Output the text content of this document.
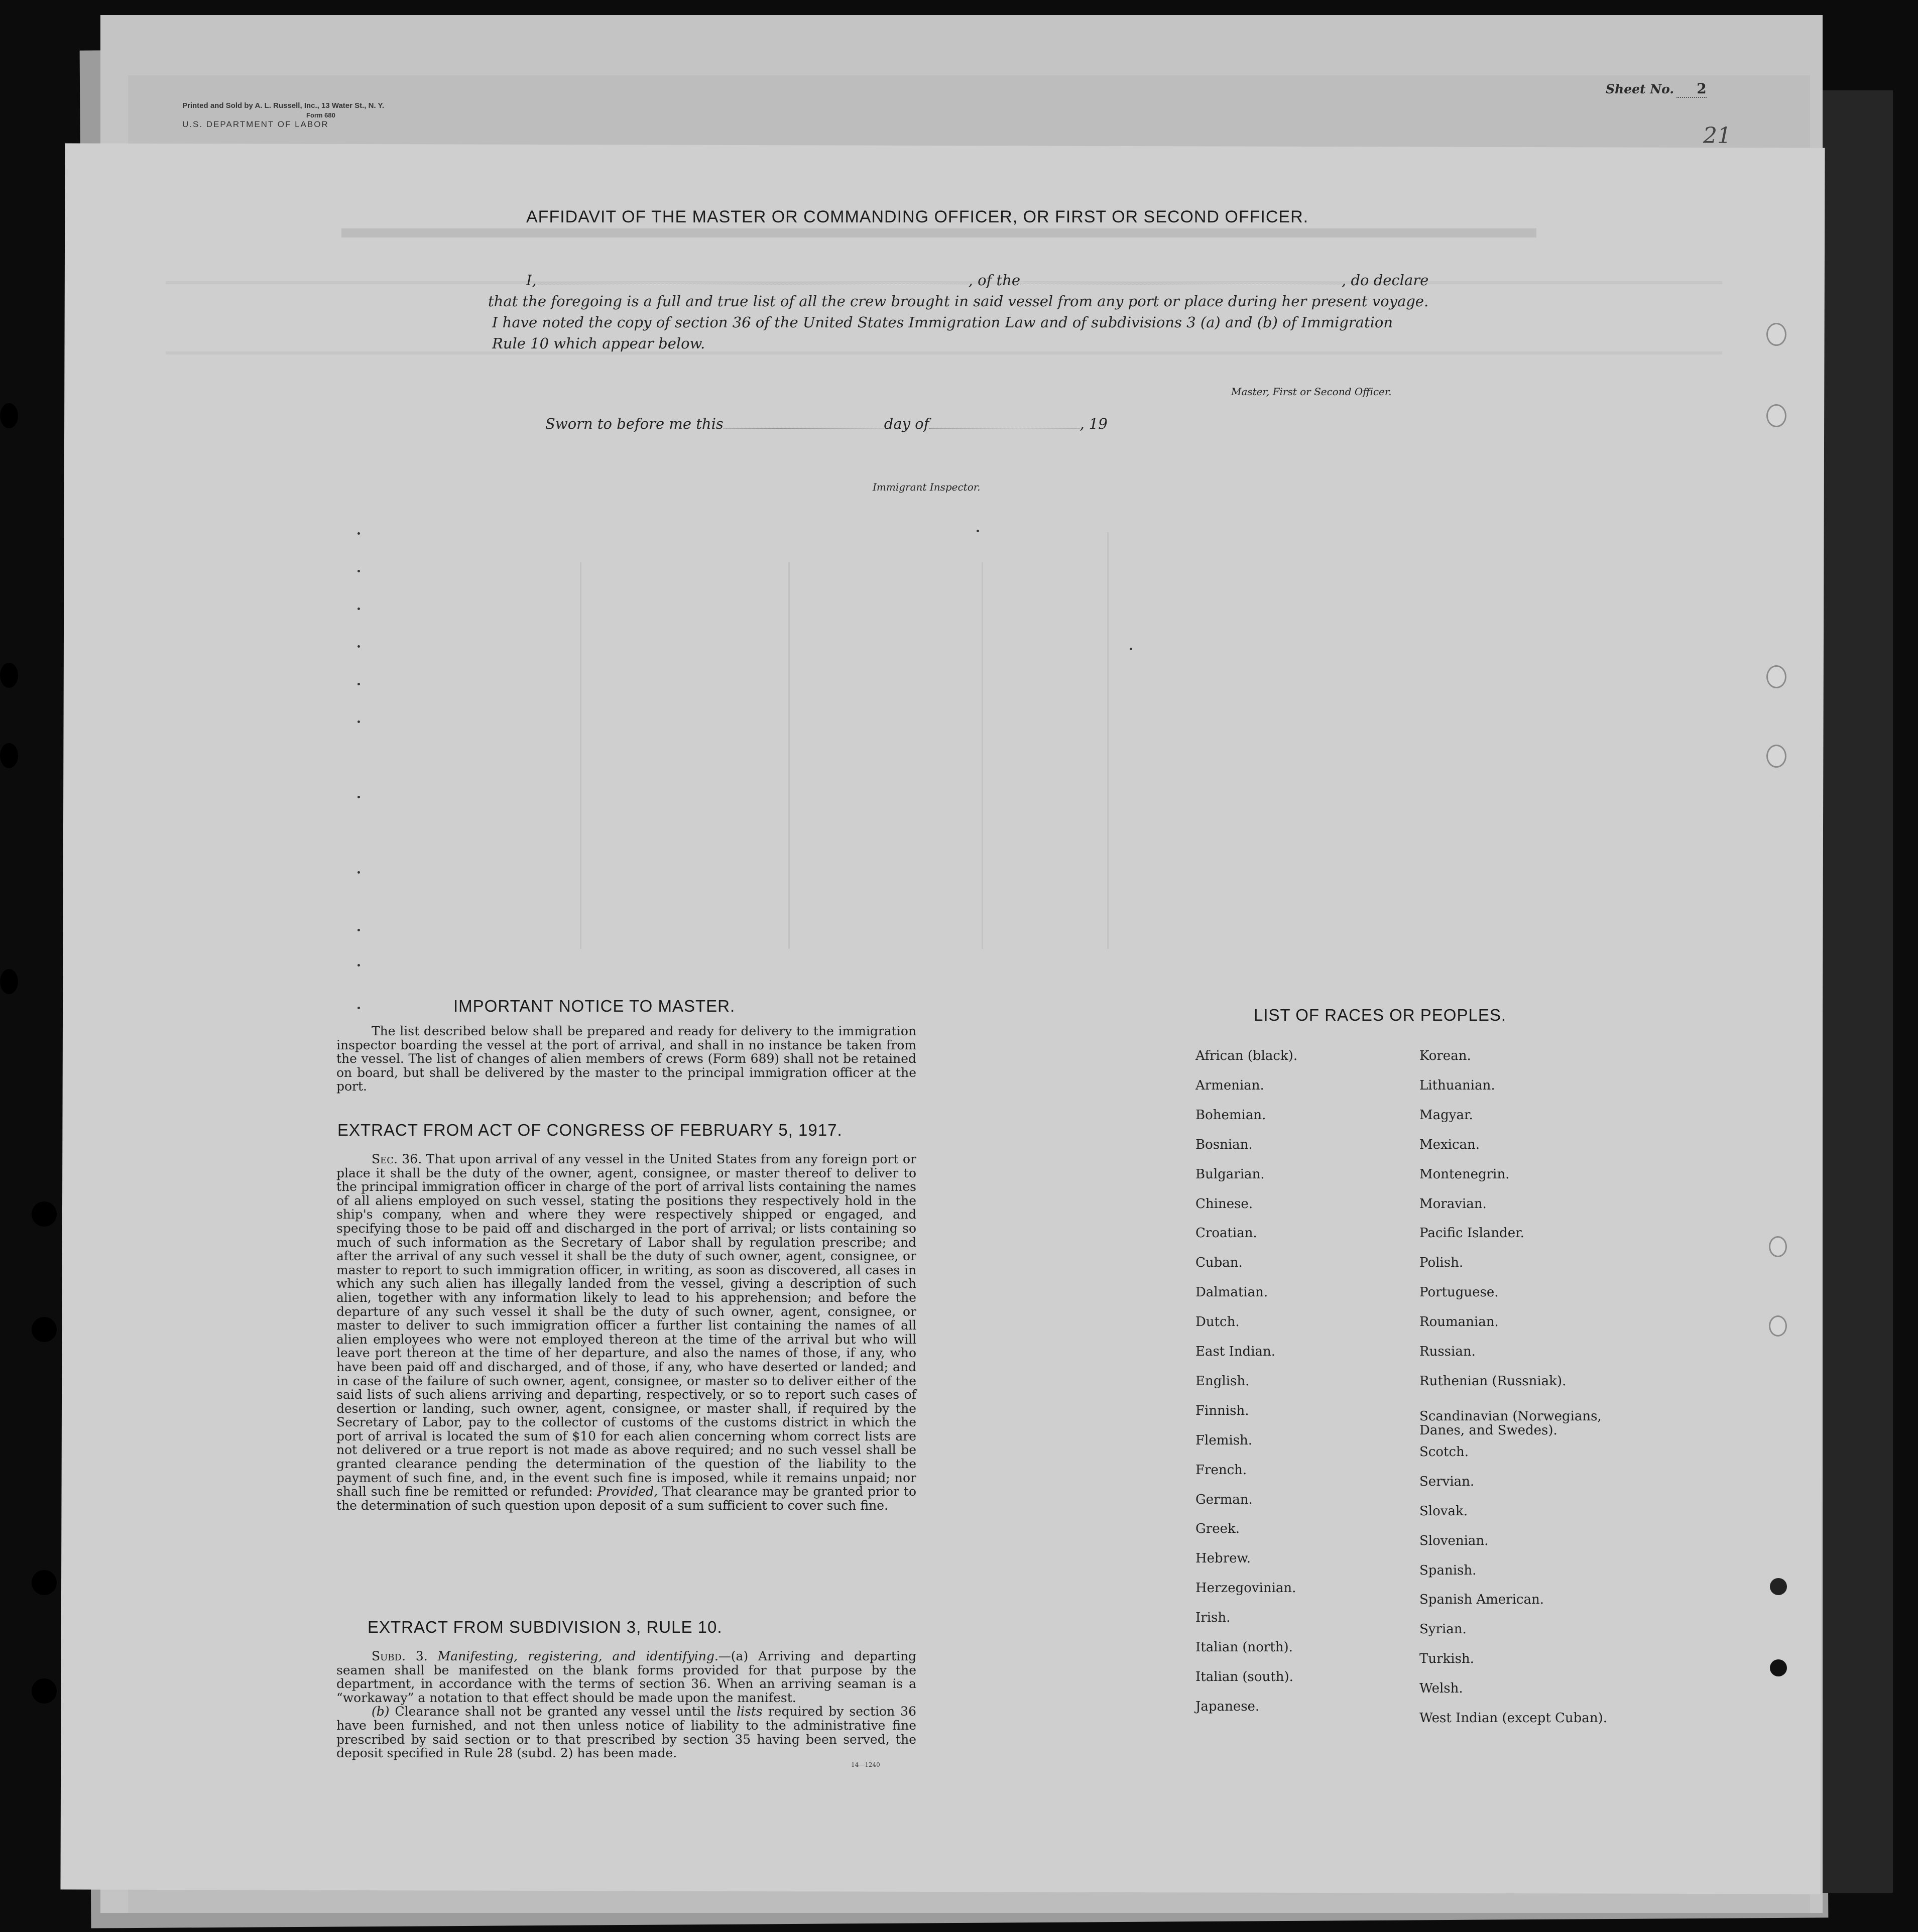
Printed and Sold by A. L. Russell, Inc., 13 Water St., N. Y.
Form 680
U.S. DEPARTMENT OF LABOR
Sheet No. 2
21
AFFIDAVIT OF THE MASTER OR COMMANDING OFFICER, OR FIRST OR SECOND OFFICER.
I,	, of the	, do declare
that the foregoing is a full and true list of all the crew brought in said vessel from any port or place during her present voyage.
I have noted the copy of section 36 of the United States Immigration Law and of subdivisions 3 (a) and (b) of Immigration
Rule 10 which appear below.
Master, First or Second Officer.
Sworn to before me this	day of	, 19
Immigrant Inspector.
IMPORTANT NOTICE TO MASTER.

The list described below shall be prepared and ready for delivery to the immigration inspector boarding the vessel at the port of arrival, and shall in no instance be taken from the vessel. The list of changes of alien members of crews (Form 689) shall not be retained on board, but shall be delivered by the master to the principal immigration officer at the port.

EXTRACT FROM ACT OF CONGRESS OF FEBRUARY 5, 1917.

Sec. 36. That upon arrival of any vessel in the United States from any foreign port or place it shall be the duty of the owner, agent, consignee, or master thereof to deliver to the principal immigration officer in charge of the port of arrival lists containing the names of all aliens employed on such vessel, stating the positions they respectively hold in the ship's company, when and where they were respectively shipped or engaged, and specifying those to be paid off and discharged in the port of arrival; or lists containing so much of such information as the Secretary of Labor shall by regulation prescribe; and after the arrival of any such vessel it shall be the duty of such owner, agent, consignee, or master to report to such immigration officer, in writing, as soon as discovered, all cases in which any such alien has illegally landed from the vessel, giving a description of such alien, together with any information likely to lead to his apprehension; and before the departure of any such vessel it shall be the duty of such owner, agent, consignee, or master to deliver to such immigration officer a further list containing the names of all alien employees who were not employed thereon at the time of the arrival but who will leave port thereon at the time of her departure, and also the names of those, if any, who have been paid off and discharged, and of those, if any, who have deserted or landed; and in case of the failure of such owner, agent, consignee, or master so to deliver either of the said lists of such aliens arriving and departing, respectively, or so to report such cases of desertion or landing, such owner, agent, consignee, or master shall, if required by the Secretary of Labor, pay to the collector of customs of the customs district in which the port of arrival is located the sum of $10 for each alien concerning whom correct lists are not delivered or a true report is not made as above required; and no such vessel shall be granted clearance pending the determination of the question of the liability to the payment of such fine, and, in the event such fine is imposed, while it remains unpaid; nor shall such fine be remitted or refunded: Provided, That clearance may be granted prior to the determination of such question upon deposit of a sum sufficient to cover such fine.

EXTRACT FROM SUBDIVISION 3, RULE 10.

Subd. 3. Manifesting, registering, and identifying.—(a) Arriving and departing seamen shall be manifested on the blank forms provided for that purpose by the department, in accordance with the terms of section 36. When an arriving seaman is a “workaway” a notation to that effect should be made upon the manifest.

(b) Clearance shall not be granted any vessel until the lists required by section 36 have been furnished, and not then unless notice of liability to the administrative fine prescribed by said section or to that prescribed by section 35 having been served, the deposit specified in Rule 28 (subd. 2) has been made.

14—1240
LIST OF RACES OR PEOPLES.
African (black).
Armenian.
Bohemian.
Bosnian.
Bulgarian.
Chinese.
Croatian.
Cuban.
Dalmatian.
Dutch.
East Indian.
English.
Finnish.
Flemish.
French.
German.
Greek.
Hebrew.
Herzegovinian.
Irish.
Italian (north).
Italian (south).
Japanese.
Korean.
Lithuanian.
Magyar.
Mexican.
Montenegrin.
Moravian.
Pacific Islander.
Polish.
Portuguese.
Roumanian.
Russian.
Ruthenian (Russniak).
Scandinavian (Norwegians,
Danes, and Swedes).
Scotch.
Servian.
Slovak.
Slovenian.
Spanish.
Spanish American.
Syrian.
Turkish.
Welsh.
West Indian (except Cuban).
